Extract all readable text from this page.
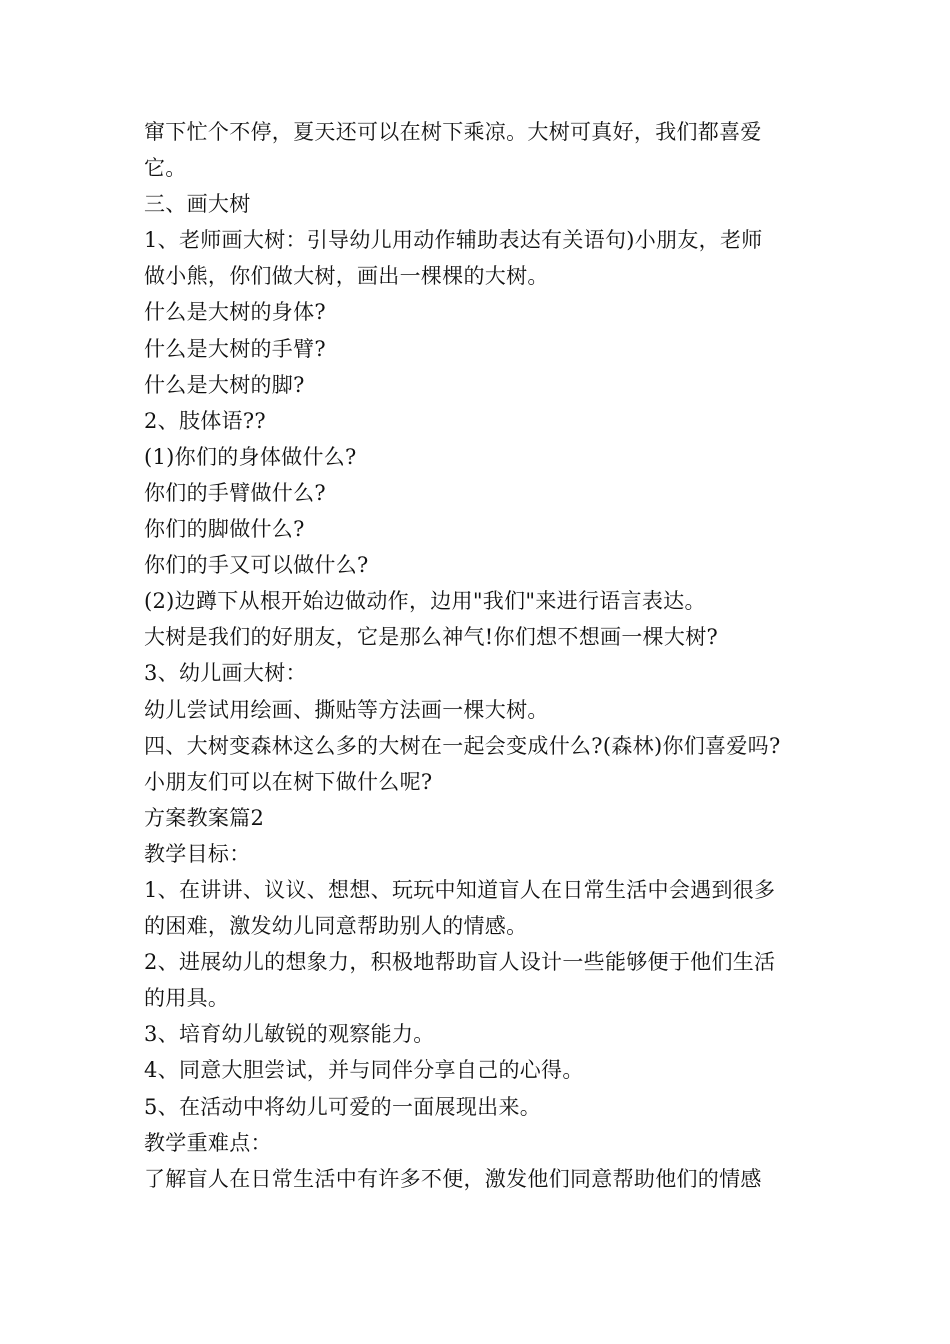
窜下忙个不停，夏天还可以在树下乘凉。大树可真好，我们都喜爱
它。
三、画大树
1、老师画大树：引导幼儿用动作辅助表达有关语句)小朋友，老师
做小熊，你们做大树，画出一棵棵的大树。
什么是大树的身体?
什么是大树的手臂?
什么是大树的脚?
2、肢体语??
(1)你们的身体做什么?
你们的手臂做什么?
你们的脚做什么?
你们的手又可以做什么?
(2)边蹲下从根开始边做动作，边用"我们"来进行语言表达。
大树是我们的好朋友，它是那么神气!你们想不想画一棵大树?
3、幼儿画大树：
幼儿尝试用绘画、撕贴等方法画一棵大树。
四、大树变森林这么多的大树在一起会变成什么?(森林)你们喜爱吗?
小朋友们可以在树下做什么呢?
方案教案篇2
教学目标：
1、在讲讲、议议、想想、玩玩中知道盲人在日常生活中会遇到很多
的困难，激发幼儿同意帮助别人的情感。
2、进展幼儿的想象力，积极地帮助盲人设计一些能够便于他们生活
的用具。
3、培育幼儿敏锐的观察能力。
4、同意大胆尝试，并与同伴分享自己的心得。
5、在活动中将幼儿可爱的一面展现出来。
教学重难点：
了解盲人在日常生活中有许多不便，激发他们同意帮助他们的情感
